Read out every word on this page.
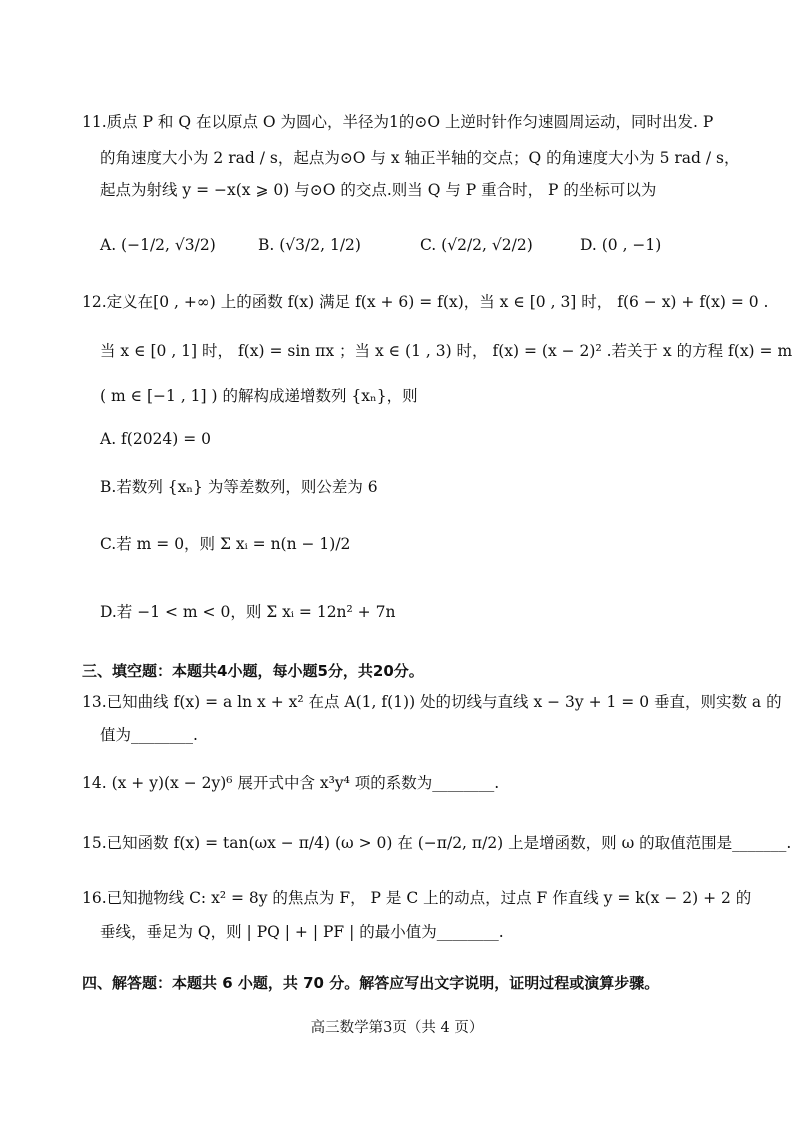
11.质点 P 和 Q 在以原点 O 为圆心，半径为1的⊙O 上逆时针作匀速圆周运动，同时出发. P
的角速度大小为 2 rad / s，起点为⊙O 与 x 轴正半轴的交点；Q 的角速度大小为 5 rad / s，
起点为射线 y = −x(x ⩾ 0) 与⊙O 的交点.则当 Q 与 P 重合时， P 的坐标可以为
A. (−1/2, √3/2)	B. (√3/2, 1/2)	C. (√2/2, √2/2)	D. (0 , −1)
12.定义在[0 , +∞) 上的函数 f(x) 满足 f(x + 6) = f(x)，当 x ∈ [0 , 3] 时， f(6 − x) + f(x) = 0 .
当 x ∈ [0 , 1] 时， f(x) = sin πx ；当 x ∈ (1 , 3) 时， f(x) = (x − 2)² .若关于 x 的方程 f(x) = m
( m ∈ [−1 , 1] ) 的解构成递增数列 {xₙ}，则
A. f(2024) = 0
B.若数列 {xₙ} 为等差数列，则公差为 6
C.若 m = 0，则 Σ xᵢ = n(n − 1)/2
D.若 −1 < m < 0，则 Σ xᵢ = 12n² + 7n
三、填空题：本题共4小题，每小题5分，共20分。
13.已知曲线 f(x) = a ln x + x² 在点 A(1, f(1)) 处的切线与直线 x − 3y + 1 = 0 垂直，则实数 a 的
值为________.
14. (x + y)(x − 2y)⁶ 展开式中含 x³y⁴ 项的系数为________.
15.已知函数 f(x) = tan(ωx − π/4) (ω > 0) 在 (−π/2, π/2) 上是增函数，则 ω 的取值范围是_______.
16.已知抛物线 C: x² = 8y 的焦点为 F， P 是 C 上的动点，过点 F 作直线 y = k(x − 2) + 2 的
垂线，垂足为 Q，则 | PQ | + | PF | 的最小值为________.
四、解答题：本题共 6 小题，共 70 分。解答应写出文字说明，证明过程或演算步骤。
高三数学第3页（共 4 页）
